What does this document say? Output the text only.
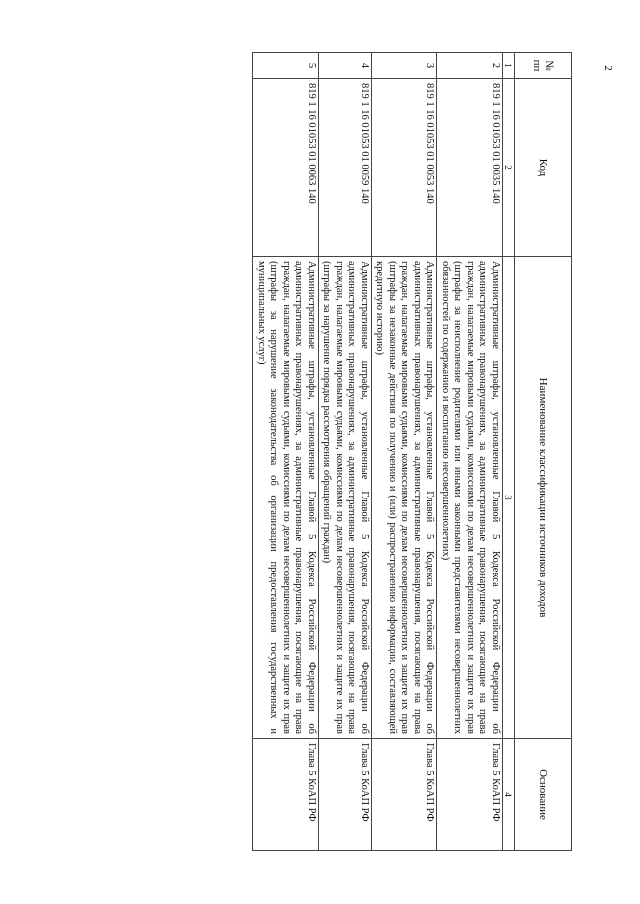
2
№ пп	Код	Наименование классификации источников доходов	Основание
1	2	3	4
2	819 1 16 01053 01 0035 140	Административные штрафы, установленные Главой 5 Кодекса Российской Федерации об административных правонарушениях, за административные правонарушения, посягающие на права граждан, налагаемые мировыми судьями, комиссиями по делам несовершеннолетних и защите их прав (штрафы за неисполнение родителями или иными законными представителями несовершеннолетних обязанностей по содержанию и воспитанию несовершеннолетних)	Глава 5 КоАП РФ
3	819 1 16 01053 01 0053 140	Административные штрафы, установленные Главой 5 Кодекса Российской Федерации об административных правонарушениях, за административные правонарушения, посягающие на права граждан, налагаемые мировыми судьями, комиссиями по делам несовершеннолетних и защите их прав (штрафы за незаконные действия по получению и (или) распространению информации, составляющей кредитную историю)	Глава 5 КоАП РФ
4	819 1 16 01053 01 0059 140	Административные штрафы, установленные Главой 5 Кодекса Российской Федерации об административных правонарушениях, за административные правонарушения, посягающие на права граждан, налагаемые мировыми судьями, комиссиями по делам несовершеннолетних и защите их прав (штрафы за нарушение порядка рассмотрения обращений граждан)	Глава 5 КоАП РФ
5	819 1 16 01053 01 0063 140	Административные штрафы, установленные Главой 5 Кодекса Российской Федерации об административных правонарушениях, за административные правонарушения, посягающие на права граждан, налагаемые мировыми судьями, комиссиями по делам несовершеннолетних и защите их прав (штрафы за нарушение законодательства об организации предоставления государственных и муниципальных услуг)	Глава 5 КоАП РФ
